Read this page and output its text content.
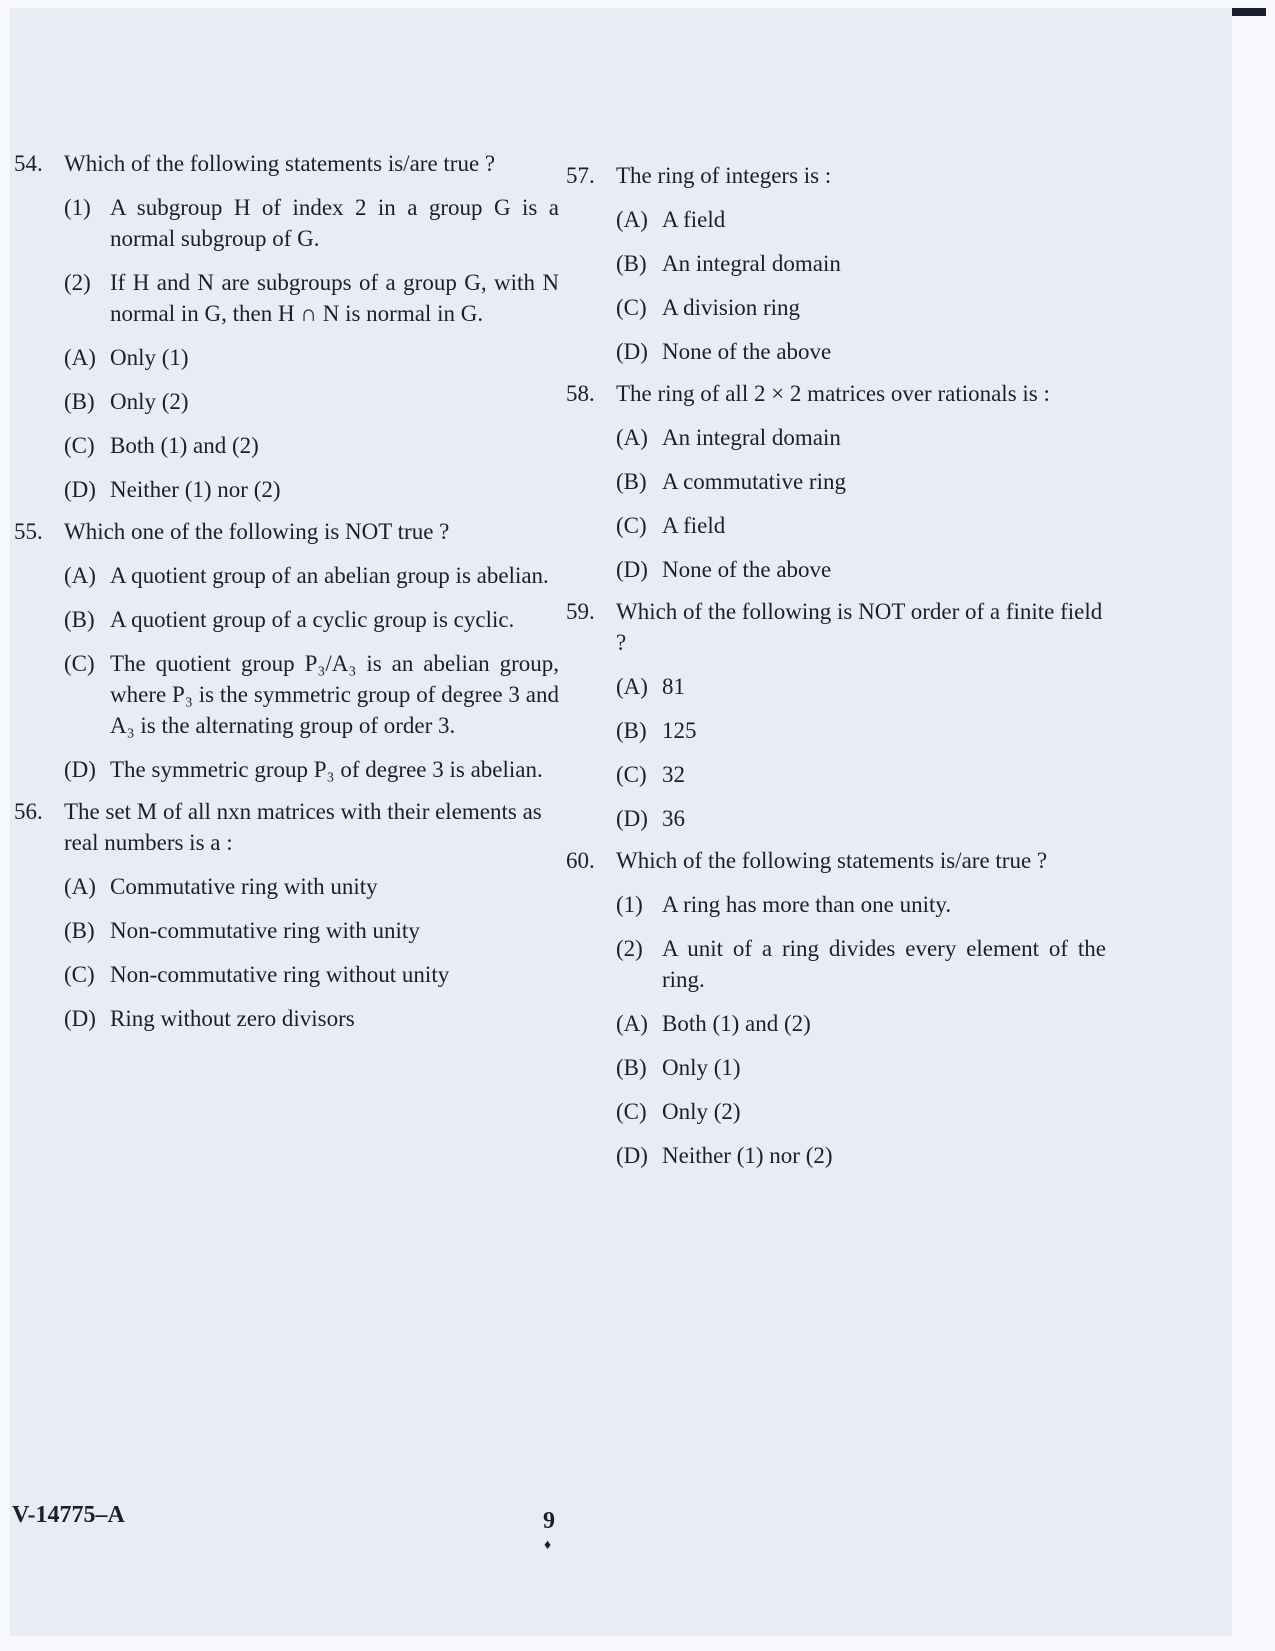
54. Which of the following statements is/are true ?

(1) A subgroup H of index 2 in a group G is a normal subgroup of G.
(2) If H and N are subgroups of a group G, with N normal in G, then H ∩ N is normal in G.
(A) Only (1)
(B) Only (2)
(C) Both (1) and (2)
(D) Neither (1) nor (2)
55. Which one of the following is NOT true ?

(A) A quotient group of an abelian group is abelian.
(B) A quotient group of a cyclic group is cyclic.
(C) The quotient group P₃/A₃ is an abelian group, where P₃ is the symmetric group of degree 3 and A₃ is the alternating group of order 3.
(D) The symmetric group P₃ of degree 3 is abelian.
56. The set M of all nxn matrices with their elements as real numbers is a :

(A) Commutative ring with unity
(B) Non-commutative ring with unity
(C) Non-commutative ring without unity
(D) Ring without zero divisors
57. The ring of integers is :

(A) A field
(B) An integral domain
(C) A division ring
(D) None of the above
58. The ring of all 2 × 2 matrices over rationals is :

(A) An integral domain
(B) A commutative ring
(C) A field
(D) None of the above
59. Which of the following is NOT order of a finite field ?

(A) 81
(B) 125
(C) 32
(D) 36
60. Which of the following statements is/are true ?

(1) A ring has more than one unity.
(2) A unit of a ring divides every element of the ring.
(A) Both (1) and (2)
(B) Only (1)
(C) Only (2)
(D) Neither (1) nor (2)
V-14775–A	9
♦
